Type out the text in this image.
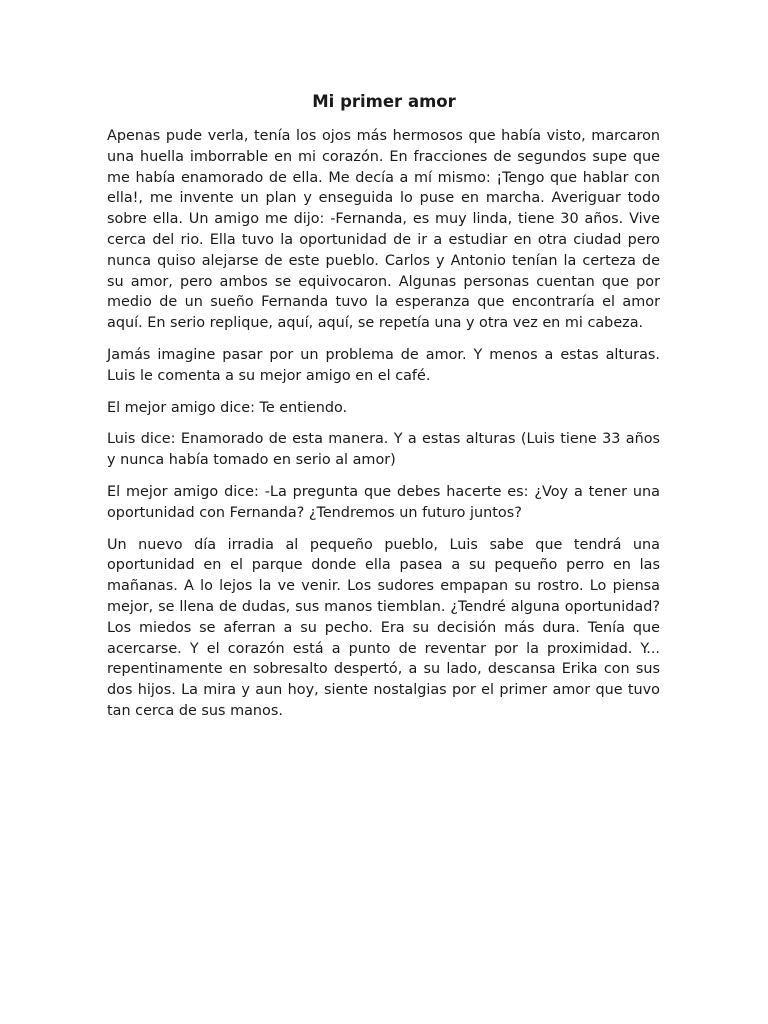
Mi primer amor

Apenas pude verla, tenía los ojos más hermosos que había visto, marcaron una huella imborrable en mi corazón. En fracciones de segundos supe que me había enamorado de ella. Me decía a mí mismo: ¡Tengo que hablar con ella!, me invente un plan y enseguida lo puse en marcha. Averiguar todo sobre ella. Un amigo me dijo: -Fernanda, es muy linda, tiene 30 años. Vive cerca del rio. Ella tuvo la oportunidad de ir a estudiar en otra ciudad pero nunca quiso alejarse de este pueblo. Carlos y Antonio tenían la certeza de su amor, pero ambos se equivocaron. Algunas personas cuentan que por medio de un sueño Fernanda tuvo la esperanza que encontraría el amor aquí. En serio replique, aquí, aquí, se repetía una y otra vez en mi cabeza.

Jamás imagine pasar por un problema de amor. Y menos a estas alturas. Luis le comenta a su mejor amigo en el café.

El mejor amigo dice: Te entiendo.

Luis dice: Enamorado de esta manera. Y a estas alturas (Luis tiene 33 años y nunca había tomado en serio al amor)

El mejor amigo dice: -La pregunta que debes hacerte es: ¿Voy a tener una oportunidad con Fernanda? ¿Tendremos un futuro juntos?

Un nuevo día irradia al pequeño pueblo, Luis sabe que tendrá una oportunidad en el parque donde ella pasea a su pequeño perro en las mañanas. A lo lejos la ve venir. Los sudores empapan su rostro. Lo piensa mejor, se llena de dudas, sus manos tiemblan. ¿Tendré alguna oportunidad? Los miedos se aferran a su pecho. Era su decisión más dura. Tenía que acercarse. Y el corazón está a punto de reventar por la proximidad. Y... repentinamente en sobresalto despertó, a su lado, descansa Erika con sus dos hijos. La mira y aun hoy, siente nostalgias por el primer amor que tuvo tan cerca de sus manos.
